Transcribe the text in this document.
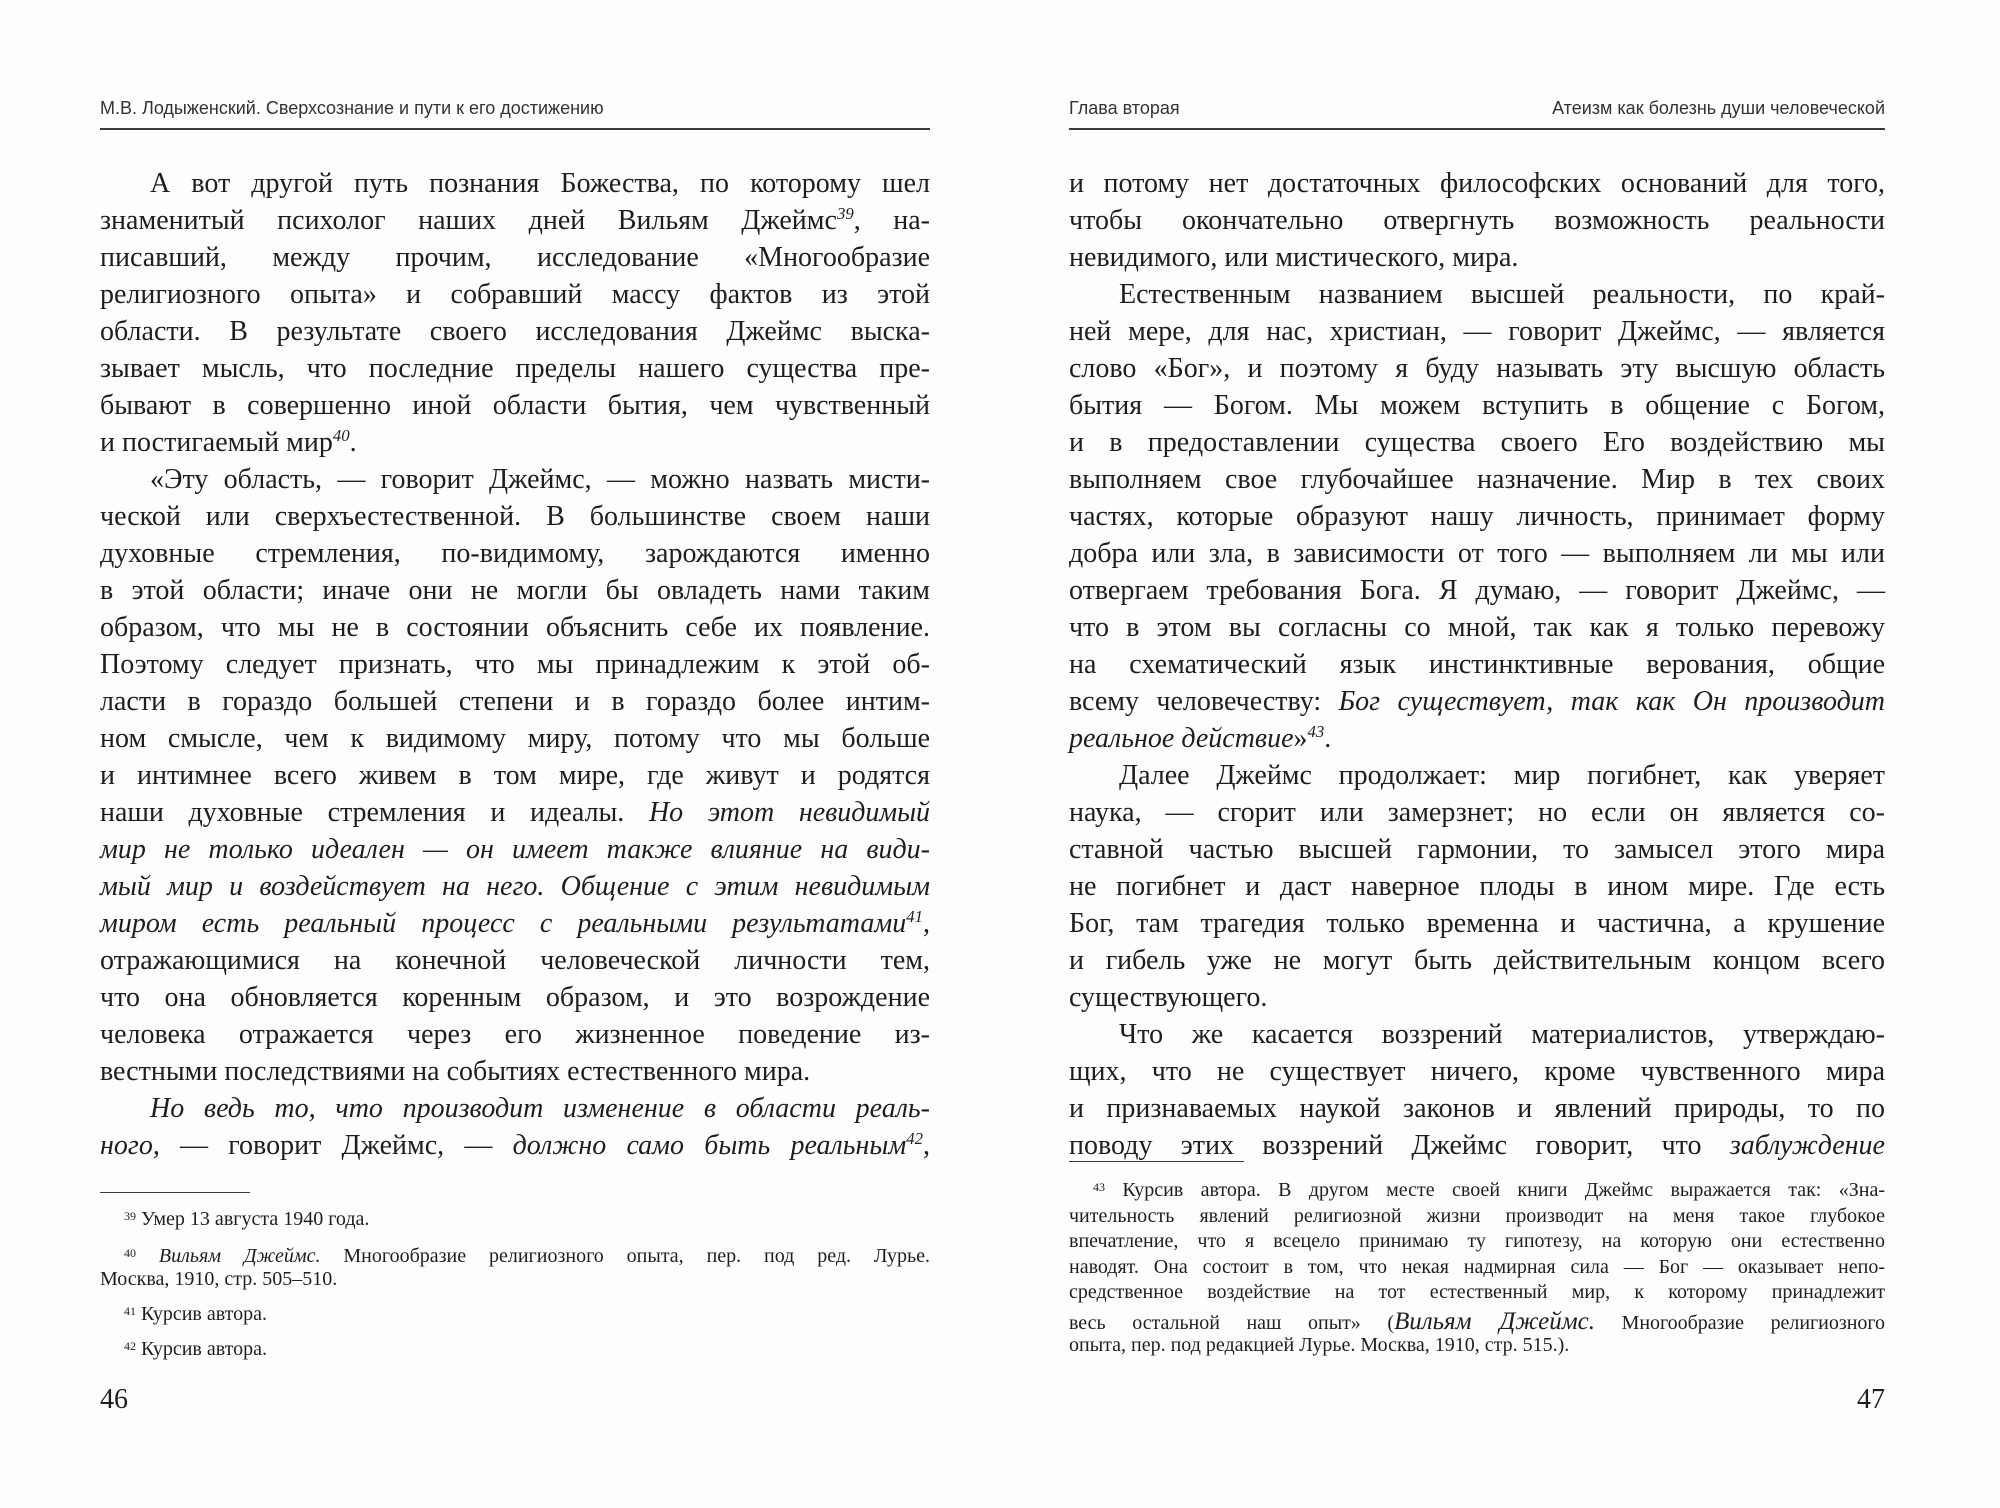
М.В. Лодыженский. Сверхсознание и пути к его достижению	Глава вторая	Атеизм как болезнь души человеческой
А вот другой путь познания Божества, по которому шел
знаменитый психолог наших дней Вильям Джеймс$^{39}$, на-
писавший, между прочим, исследование «Многообразие
религиозного опыта» и собравший массу фактов из этой
области. В результате своего исследования Джеймс выска-
зывает мысль, что последние пределы нашего существа пре-
бывают в совершенно иной области бытия, чем чувственный
и постигаемый мир$^{40}$.
«Эту область, — говорит Джеймс, — можно назвать мисти-
ческой или сверхъестественной. В большинстве своем наши
духовные стремления, по-видимому, зарождаются именно
в этой области; иначе они не могли бы овладеть нами таким
образом, что мы не в состоянии объяснить себе их появление.
Поэтому следует признать, что мы принадлежим к этой об-
ласти в гораздо большей степени и в гораздо более интим-
ном смысле, чем к видимому миру, потому что мы больше
и интимнее всего живем в том мире, где живут и родятся
наши духовные стремления и идеалы. Но этот невидимый
мир не только идеален — он имеет также влияние на види-
мый мир и воздействует на него. Общение с этим невидимым
миром есть реальный процесс с реальными результатами$^{41}$,
отражающимися на конечной человеческой личности тем,
что она обновляется коренным образом, и это возрождение
человека отражается через его жизненное поведение из-
вестными последствиями на событиях естественного мира.
Но ведь то, что производит изменение в области реаль-
ного, — говорит Джеймс, — должно само быть реальным$^{42}$,
и потому нет достаточных философских оснований для того,
чтобы окончательно отвергнуть возможность реальности
невидимого, или мистического, мира.
Естественным названием высшей реальности, по край-
ней мере, для нас, христиан, — говорит Джеймс, — является
слово «Бог», и поэтому я буду называть эту высшую область
бытия — Богом. Мы можем вступить в общение с Богом,
и в предоставлении существа своего Его воздействию мы
выполняем свое глубочайшее назначение. Мир в тех своих
частях, которые образуют нашу личность, принимает форму
добра или зла, в зависимости от того — выполняем ли мы или
отвергаем требования Бога. Я думаю, — говорит Джеймс, —
что в этом вы согласны со мной, так как я только перевожу
на схематический язык инстинктивные верования, общие
всему человечеству: Бог существует, так как Он производит
реальное действие»$^{43}$.
Далее Джеймс продолжает: мир погибнет, как уверяет
наука, — сгорит или замерзнет; но если он является со-
ставной частью высшей гармонии, то замысел этого мира
не погибнет и даст наверное плоды в ином мире. Где есть
Бог, там трагедия только временна и частична, а крушение
и гибель уже не могут быть действительным концом всего
существующего.
Что же касается воззрений материалистов, утверждаю-
щих, что не существует ничего, кроме чувственного мира
и признаваемых наукой законов и явлений природы, то по
поводу этих воззрений Джеймс говорит, что заблуждение
$^{39}$ Умер 13 августа 1940 года.
$^{40}$ Вильям Джеймс. Многообразие религиозного опыта, пер. под ред. Лурье.
Москва, 1910, стр. 505–510.
$^{41}$ Курсив автора.
$^{42}$ Курсив автора.
$^{43}$ Курсив автора. В другом месте своей книги Джеймс выражается так: «Зна-
чительность явлений религиозной жизни производит на меня такое глубокое
впечатление, что я всецело принимаю ту гипотезу, на которую они естественно
наводят. Она состоит в том, что некая надмирная сила — Бог — оказывает непо-
средственное воздействие на тот естественный мир, к которому принадлежит
весь остальной наш опыт» (Вильям Джеймс. Многообразие религиозного
опыта, пер. под редакцией Лурье. Москва, 1910, стр. 515.).
46	47
